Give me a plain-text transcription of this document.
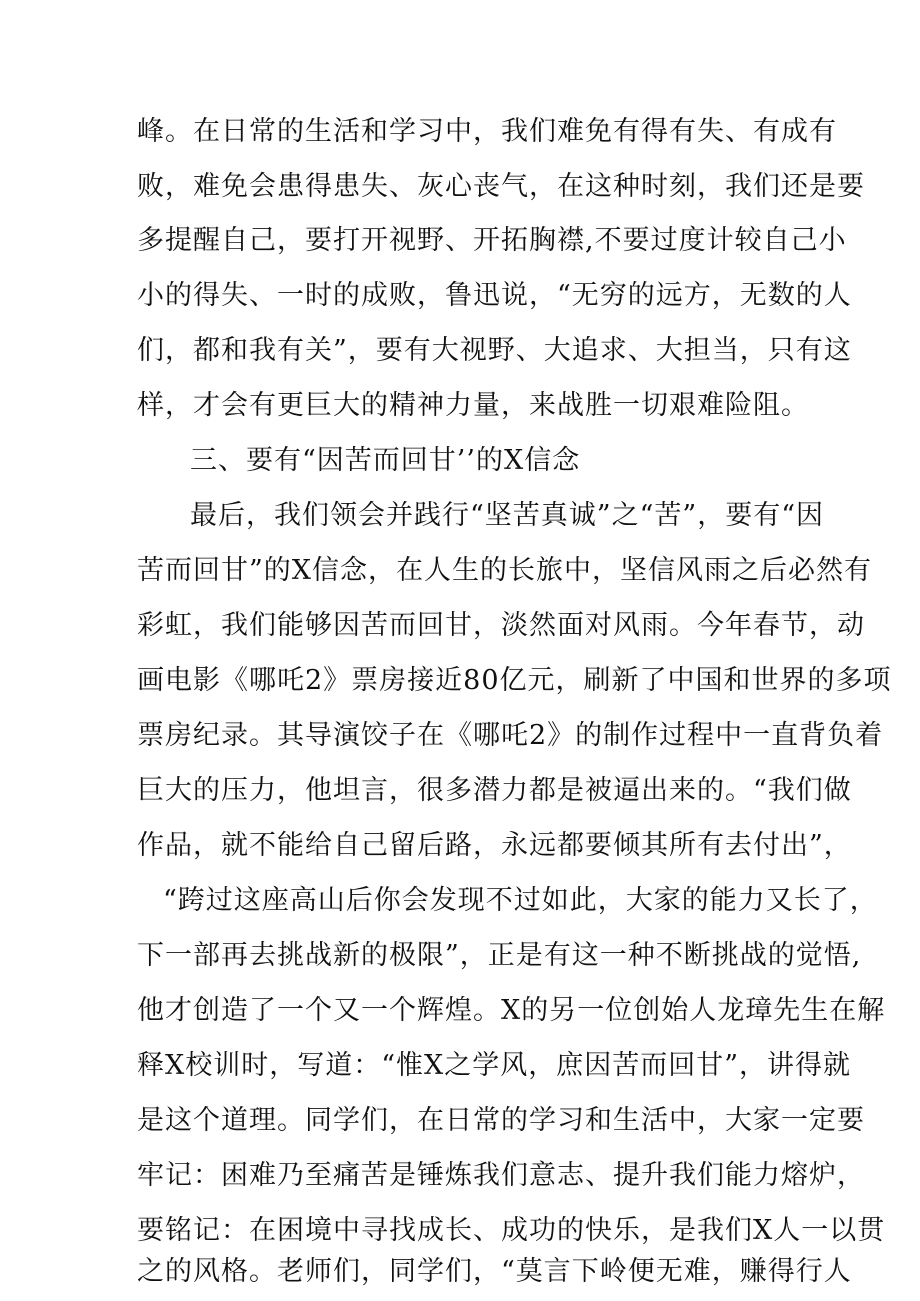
峰。在日常的生活和学习中，我们难免有得有失、有成有
败，难免会患得患失、灰心丧气，在这种时刻，我们还是要
多提醒自己，要打开视野、开拓胸襟,不要过度计较自己小
小的得失、一时的成败，鲁迅说，“无穷的远方，无数的人
们，都和我有关”，要有大视野、大追求、大担当，只有这
样，才会有更巨大的精神力量，来战胜一切艰难险阻。
三、要有“因苦而回甘’’的X信念
最后，我们领会并践行“坚苦真诚”之“苦”，要有“因
苦而回甘”的X信念，在人生的长旅中，坚信风雨之后必然有
彩虹，我们能够因苦而回甘，淡然面对风雨。今年春节，动
画电影《哪吒2》票房接近80亿元，刷新了中国和世界的多项
票房纪录。其导演饺子在《哪吒2》的制作过程中一直背负着
巨大的压力，他坦言，很多潜力都是被逼出来的。“我们做
作品，就不能给自己留后路，永远都要倾其所有去付出”，
“跨过这座高山后你会发现不过如此，大家的能力又长了，
下一部再去挑战新的极限”，正是有这一种不断挑战的觉悟,
他才创造了一个又一个辉煌。X的另一位创始人龙璋先生在解
释X校训时，写道：“惟X之学风，庶因苦而回甘”，讲得就
是这个道理。同学们，在日常的学习和生活中，大家一定要
牢记：困难乃至痛苦是锤炼我们意志、提升我们能力熔炉，
要铭记：在困境中寻找成长、成功的快乐，是我们X人一以贯
之的风格。老师们，同学们，“莫言下岭便无难，赚得行人
